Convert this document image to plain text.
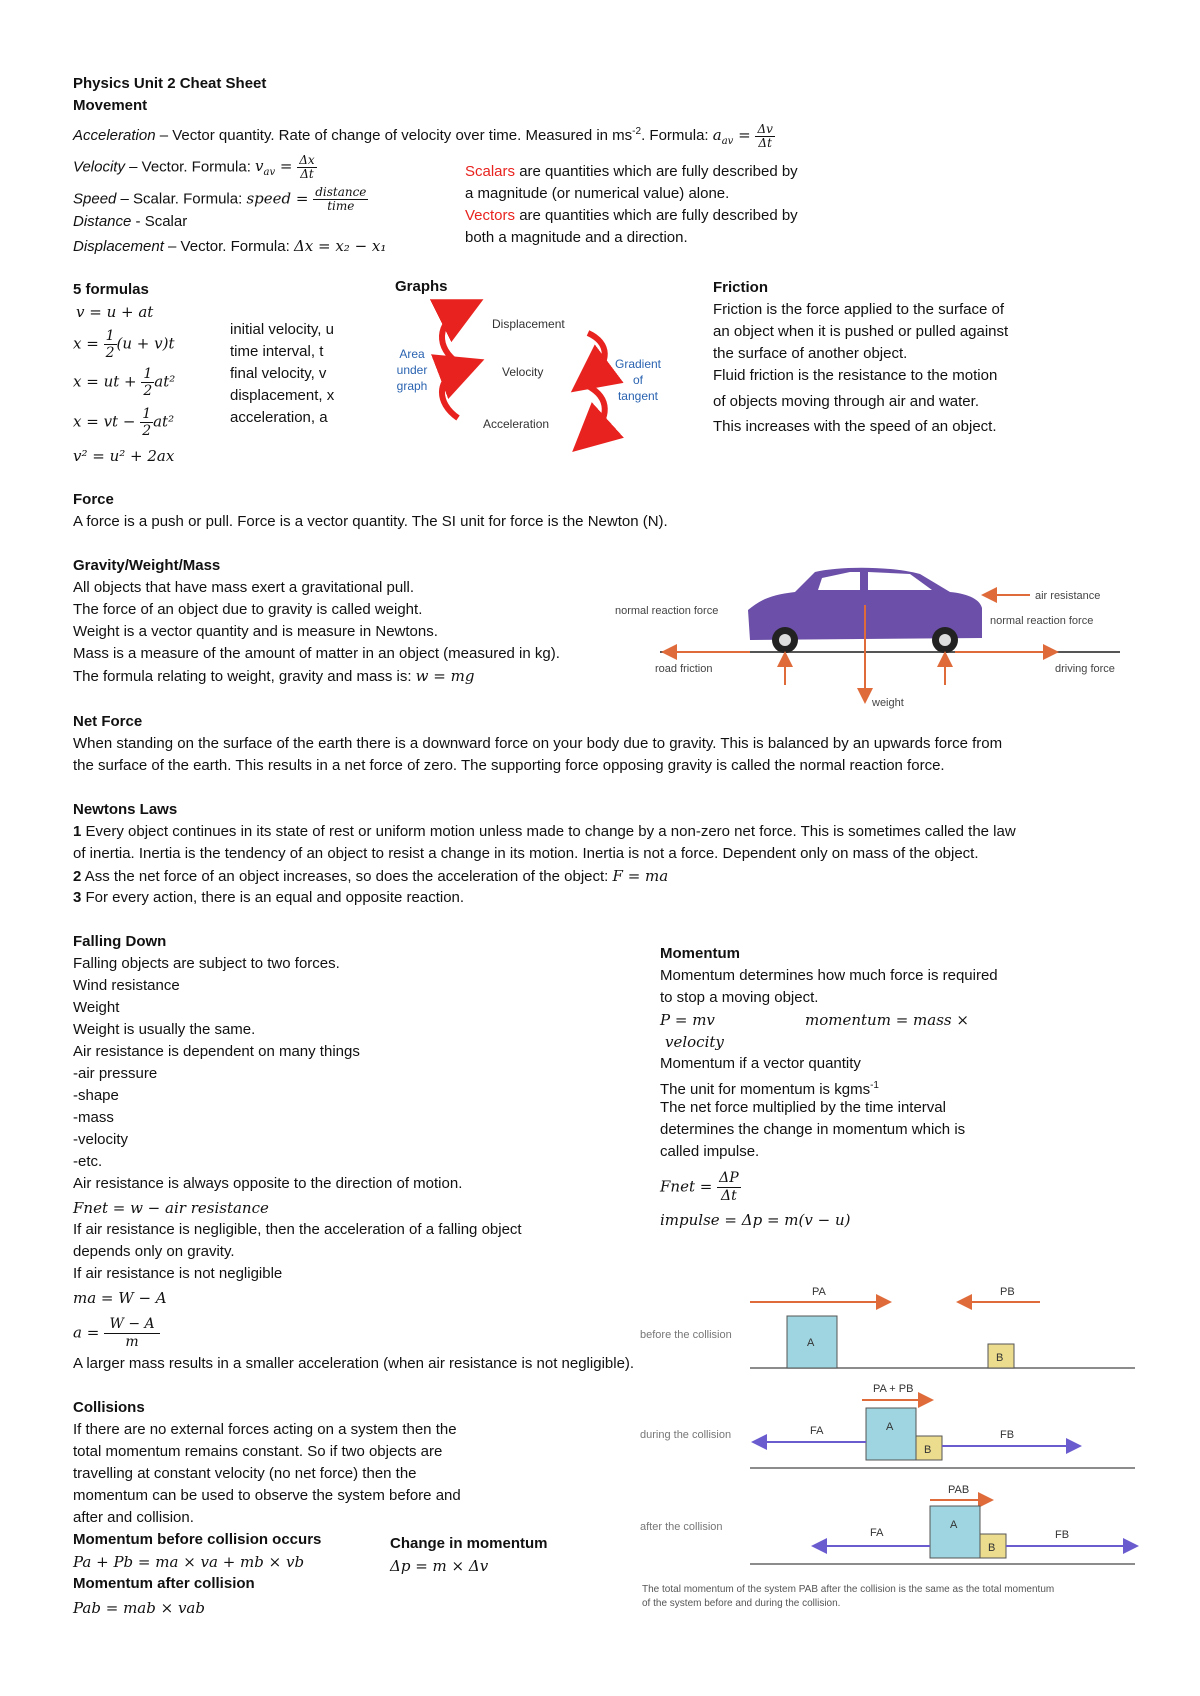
Physics Unit 2 Cheat Sheet
Movement
Acceleration – Vector quantity. Rate of change of velocity over time. Measured in $ms^{-2}$. Formula: $a_{av} = \frac{\Delta v}{\Delta t}$
Velocity – Vector. Formula: $v_{av} = \frac{\Delta x}{\Delta t}$
Speed – Scalar. Formula: speed = $\frac{\text{distance}}{\text{time}}$
Distance - Scalar
Displacement – Vector. Formula: Δx = x₂ − x₁
Scalars are quantities which are fully described by
a magnitude (or numerical value) alone.
Vectors are quantities which are fully described by
both a magnitude and a direction.
5 formulas
v = u + at
$x = \frac{1}{2} (u + v)t$
x = ut + $\frac{1}{2} at^2$
x = vt − $\frac{1}{2} at^2$
v² = u² + 2ax
initial velocity, u
time interval, t
final velocity, v
displacement, x
acceleration, a
Graphs
Displacement
Velocity
Acceleration
Area
under
graph
Gradient
of
tangent
Friction
Friction is the force applied to the surface of
an object when it is pushed or pulled against
the surface of another object.
Fluid friction is the resistance to the motion
of objects moving through air and water.
This increases with the speed of an object.
Force
A force is a push or pull. Force is a vector quantity. The SI unit for force is the Newton (N).
Gravity/Weight/Mass
All objects that have mass exert a gravitational pull.
The force of an object due to gravity is called weight.
Weight is a vector quantity and is measure in Newtons.
Mass is a measure of the amount of matter in an object (measured in kg).
The formula relating to weight, gravity and mass is: w = mg
normal reaction force
air resistance
normal reaction force
road friction	driving force
weight
Net Force
When standing on the surface of the earth there is a downward force on your body due to gravity. This is balanced by an upwards force from
the surface of the earth. This results in a net force of zero. The supporting force opposing gravity is called the normal reaction force.
Newtons Laws
1 Every object continues in its state of rest or uniform motion unless made to change by a non-zero net force. This is sometimes called the law
of inertia. Inertia is the tendency of an object to resist a change in its motion. Inertia is not a force. Dependent only on mass of the object.
2 Ass the net force of an object increases, so does the acceleration of the object: F = ma
3 For every action, there is an equal and opposite reaction.
Falling Down
Falling objects are subject to two forces.
Wind resistance
Weight
Weight is usually the same.
Air resistance is dependent on many things
-air pressure
-shape
-mass
-velocity
-etc.
Air resistance is always opposite to the direction of motion.
Fnet = w − air resistance
If air resistance is negligible, then the acceleration of a falling object
depends only on gravity.
If air resistance is not negligible
ma = W − A
$a = \frac{W - A}{m}$
A larger mass results in a smaller acceleration (when air resistance is not negligible).
Momentum
Momentum determines how much force is required
to stop a moving object.
P = mv	momentum = mass ×
velocity
Momentum if a vector quantity
The unit for momentum is kgms$^{-1}$
The net force multiplied by the time interval
determines the change in momentum which is
called impulse.
Fnet = $\frac{\Delta P}{\Delta t}$
impulse = Δp = m(v − u)
Collisions
If there are no external forces acting on a system then the
total momentum remains constant. So if two objects are
travelling at constant velocity (no net force) then the
momentum can be used to observe the system before and
after and collision.
Momentum before collision occurs
Pa + Pb = ma × va + mb × vb
Momentum after collision
Pab = mab × vab
Change in momentum
Δp = m × Δv
before the collision
PA	PB
A
B
during the collision
PA + PB
A
B
FA	FB
after the collision
PAB
A
B
FA	FB
The total momentum of the system PAB after the collision is the same as the total momentum
of the system before and during the collision.
